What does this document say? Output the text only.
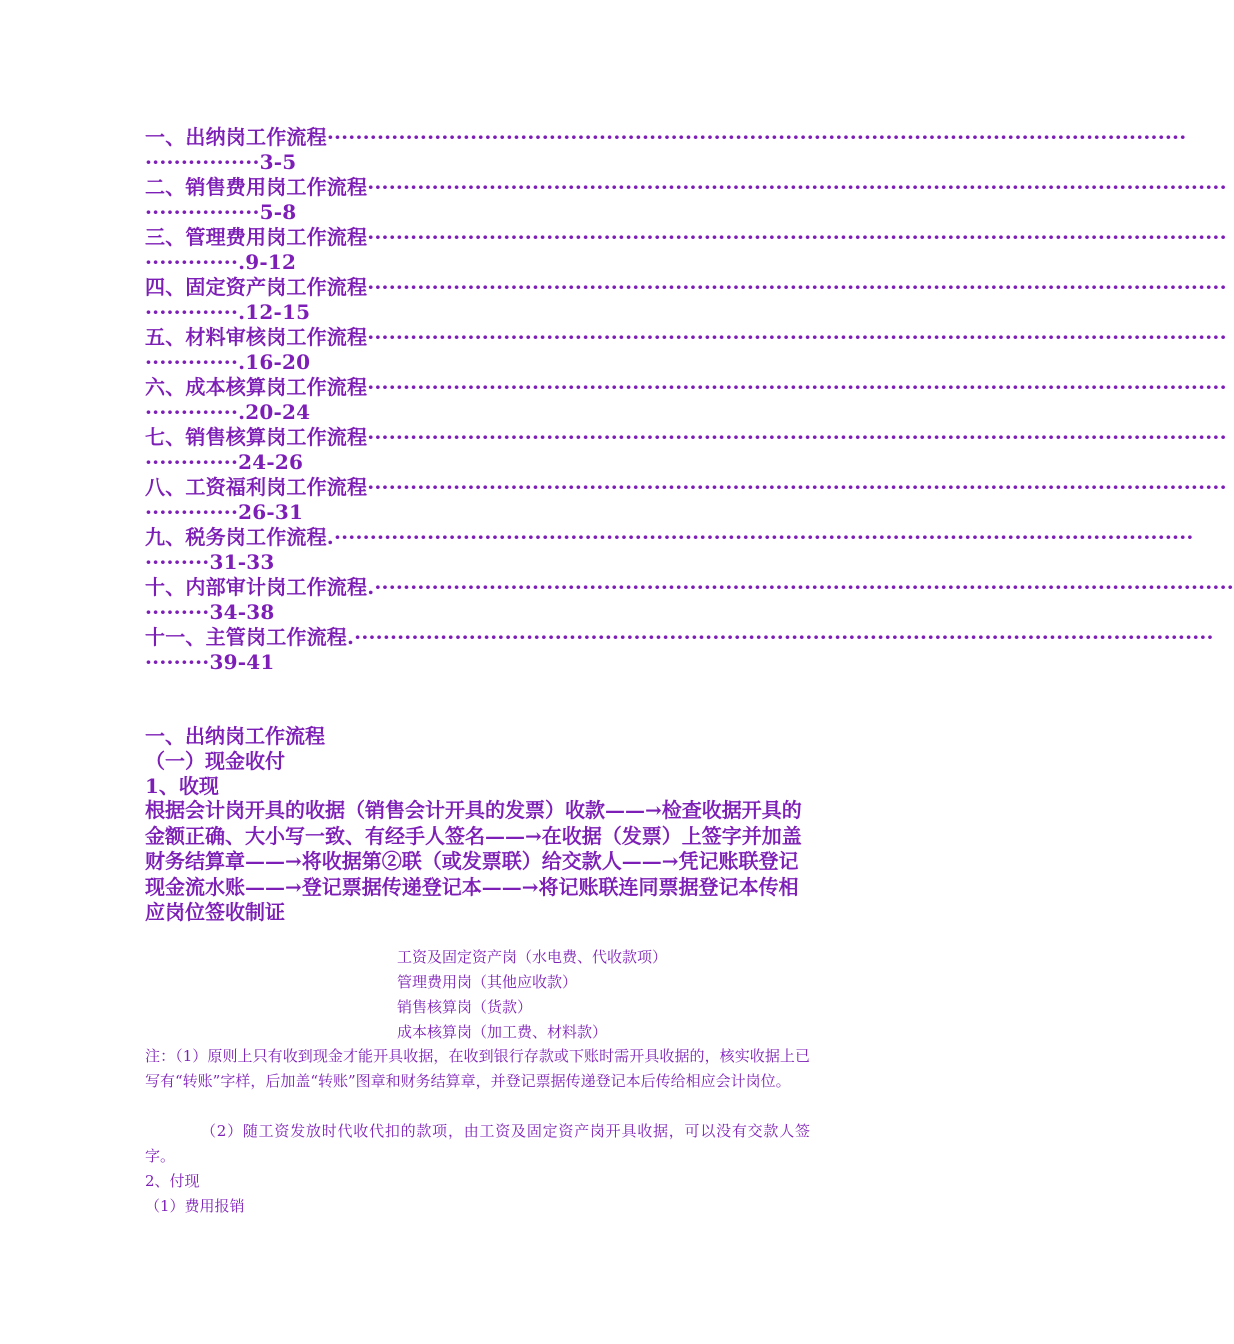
一、出纳岗工作流程························································································································
················3-5
二、销售费用岗工作流程························································································································
················5-8
三、管理费用岗工作流程························································································································
·············.9-12
四、固定资产岗工作流程························································································································
·············.12-15
五、材料审核岗工作流程························································································································
·············.16-20
六、成本核算岗工作流程························································································································
·············.20-24
七、销售核算岗工作流程························································································································
·············24-26
八、工资福利岗工作流程························································································································
·············26-31
九、税务岗工作流程.························································································································
·········31-33
十、内部审计岗工作流程.························································································································
·········34-38
十一、主管岗工作流程.························································································································
·········39-41
一、出纳岗工作流程
（一）现金收付
1、收现
根据会计岗开具的收据（销售会计开具的发票）收款——→检查收据开具的金额正确、大小写一致、有经手人签名——→在收据（发票）上签字并加盖财务结算章——→将收据第②联（或发票联）给交款人——→凭记账联登记现金流水账——→登记票据传递登记本——→将记账联连同票据登记本传相应岗位签收制证
工资及固定资产岗（水电费、代收款项）
管理费用岗（其他应收款）
销售核算岗（货款）
成本核算岗（加工费、材料款）
注：（1）原则上只有收到现金才能开具收据，在收到银行存款或下账时需开具收据的，核实收据上已写有“转账”字样，后加盖“转账”图章和财务结算章，并登记票据传递登记本后传给相应会计岗位。
（2）随工资发放时代收代扣的款项，由工资及固定资产岗开具收据，可以没有交款人签字。
2、付现
（1）费用报销
